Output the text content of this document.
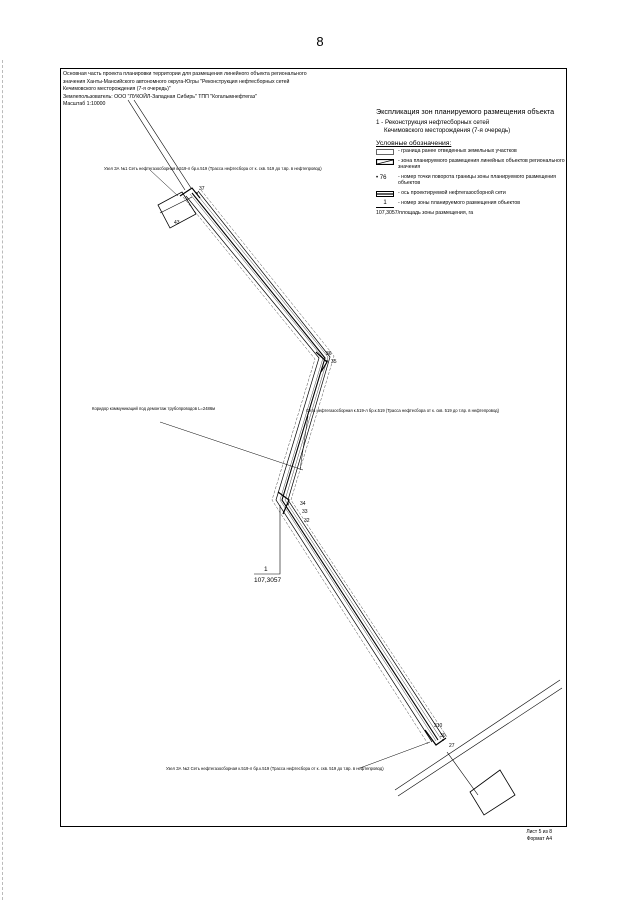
8
Основная часть проекта планировки территории для размещения линейного объекта регионального
значения Ханты-Мансийского автономного округа-Югры "Реконструкция нефтесборных сетей
Кечимовского месторождения (7-я очередь)"
Землепользователь: ООО "ЛУКОЙЛ-Западная Сибирь" ТПП "Когалымнефтегаз"
Масштаб 1:10000
Экспликация зон планируемого размещения объекта
1 - Реконструкция нефтесборных сетей
Кечимовского месторождения (7-я очередь)
Условные обозначения:
- граница ранее отведенных земельных участков
- зона планируемого размещения линейных объектов регионального значения
• 76	- номер точки поворота границы зоны планируемого размещения объектов
- ось проектируемой нефтегазосборной сети
1	- номер зоны планируемого размещения объектов
107,3057/площадь зоны размещения, га
37
36
35
34
33
32
310
30
27
43
Узел ЗА №1 Сеть нефтегазосборная к.519-л бр.к.519 (Трасса нефтесбора от к. скв. 519 до т.вр. в нефтепровод)
Коридор коммуникаций под демонтаж трубопроводов L=2486м	Сеть нефтегазосборная к.519-л бр.к.519 (Трасса нефтесбора от к. скв. 519 до т.вр. в нефтепровод)
Узел ЗА №2 Сеть нефтегазосборная к.519-л бр.к.519 (Трасса нефтесбора от к. скв. 519 до т.вр. в нефтепровод)
1
107,3057
Лист 5 из 8
Формат А4
